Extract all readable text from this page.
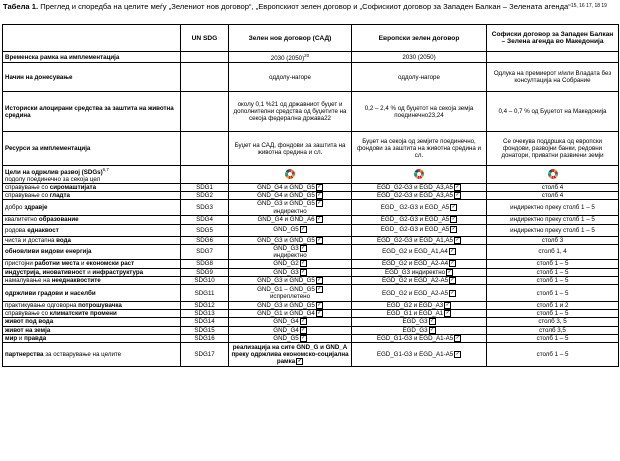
Табела 1. Преглед и споредба на целите меѓу „Зелениот нов договор“, „Европскиот зелен договор и „Софискиот договор за Западен Балкан – Зелената агенда“$^{15, 16 17, 18 19}$
	UN SDG	Зелен нов договор (САД)	Европски зелен договор	Софиски договор за Западен Балкан – Зелена агенда во Македонија
Временска рамка на имплементација		2030 $(2050)^{20}$	2030 (2050)	
Начин на донесување		оддолу-нагоре	оддолу-нагоре	Одлука на премиерот и/или Владата без консултација на Собрание
Историски алоцирани средства за заштита на животна средина		околу 0,1 %21 од државниот буџет и дополнителни средства од буџетите на секоја федерална држава22	0,2 – 2,4 % од буџетот на секоја земја поединечно23,24	0,4 – 0,7 % од Буџетот на Македонија
Ресурси за имплементација		Буџет на САД, фондови за заштита на животна средина и сл.	Буџет на секоја од земјите поединечно, фондови за заштита на животна средина и сл.	Се очекува поддршка од европски фондови, развојни банки, редовни донатори, приватни развиени земји
Цели на одржлив развој (SDGs)$^{6,7}$
подолу поединечно за секоја цел				
справување со сиромаштијата	SDG1	GND_G4 и GND_G5 ✓	EGD_G2-G3 и EGD_A3,A5 ✓	столб 4
справување со гладта	SDG2	GND_G4 и GND_G5 ✓	EGD_G2-G3 и EGD_A3,A5 ✓	столб 4
добро здравје	SDG3	GND_G3 и GND_G5 ✓
индиректно	EGD_ G2-G3 и EGD_A5 ✓	индиректно преку столб 1 – 5
квалитетно образование	SDG4	GND_G4 и GND_A6 ✓	EGD_ G2-G3 и EGD_A5 ✓	индиректно преку столб 1 – 5
родова еднаквост	SDG5	GND_G5 ✓	EGD_ G2-G3 и EGD_A5 ✓	индиректно преку столб 1 – 5
чиста и достапна вода	SDG6	GND_G3 и GND_G5 ✓	EGD_G2-G3 и EGD_A1,A5 ✓	столб 3
обновливи видови енергија	SDG7	GND_G3 ✓
индиректно	EGD_G2 и EGD_A1,A4 ✓	столб 1, 4
пристојни работни места и економски раст	SDG8	GND_G2 ✓	EGD_G2 и EGD_A2-A4 ✓	столб 1 – 5
индустрија, иновативност и инфраструктура	SDG9	GND_G3 ✓	EGD_G3 индиректно ✓	столб 1 – 5
намалување на нееднаквостите	SDG10	GND_G3 и GND_G5 ✓	EGD_G2 и EGD_A2-A5 ✓	столб 1 – 5
одржливи градови и населби	SDG11	GND_G1 – GND_G5 ✓
испреплетено	EGD_G2 и EGD_A2-A5 ✓	столб 1 – 5
практикување одговорна потрошувачка	SDG12	GND_G3 и GND_G5 ✓	EGD_G2 и EGD_A3 ✓	столб 1 и 2
справување со климатските промени	SDG13	GND_G1 и GND_G4 ✓	EGD_G1 и EGD_A1 ✓	столб 1 – 5
живот под вода	SDG14	GND_G4 ✓	EGD_G3 ✓	столб 3, 5
живот на земја	SDG15	GND_G4 ✓	EGD_G3 ✓	столб 3,5
мир и правда	SDG16	GND_G5 ✓	EGD_G1-G3 и EGD_A1-A5 ✓	столб 1 – 5
партнерства за остварување на целите	SDG17	реализација на сите GND_G и GND_A преку одржлива економско-социјална рамка ✓	EGD_G1-G3 и EGD_A1-A5 ✓	столб 1 – 5
